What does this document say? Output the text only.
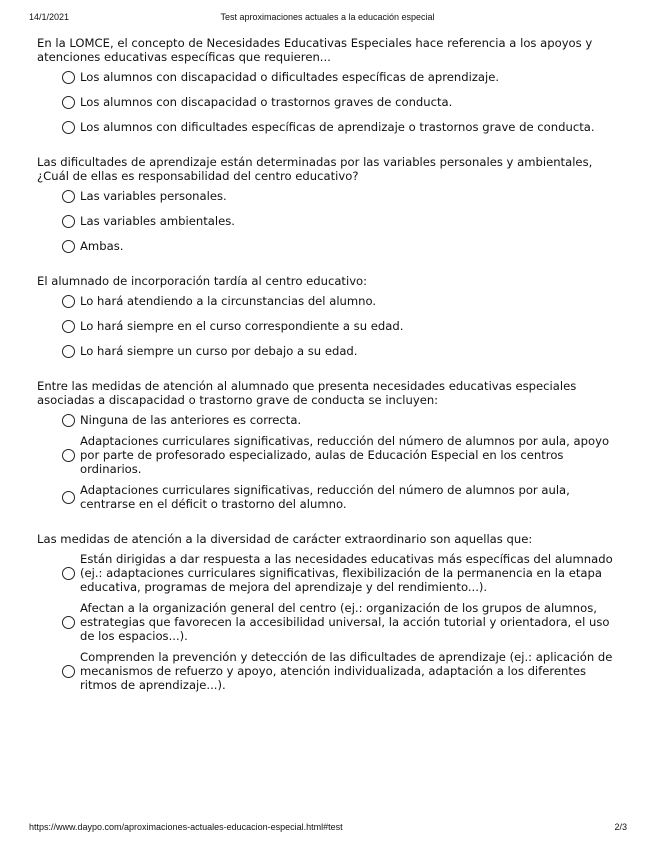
14/1/2021	Test aproximaciones actuales a la educación especial

En la LOMCE, el concepto de Necesidades Educativas Especiales hace referencia a los apoyos y atenciones educativas específicas que requieren...

Los alumnos con discapacidad o dificultades específicas de aprendizaje.
Los alumnos con discapacidad o trastornos graves de conducta.
Los alumnos con dificultades específicas de aprendizaje o trastornos grave de conducta.

Las dificultades de aprendizaje están determinadas por las variables personales y ambientales, ¿Cuál de ellas es responsabilidad del centro educativo?

Las variables personales.
Las variables ambientales.
Ambas.

El alumnado de incorporación tardía al centro educativo:

Lo hará atendiendo a la circunstancias del alumno.
Lo hará siempre en el curso correspondiente a su edad.
Lo hará siempre un curso por debajo a su edad.

Entre las medidas de atención al alumnado que presenta necesidades educativas especiales asociadas a discapacidad o trastorno grave de conducta se incluyen:

Ninguna de las anteriores es correcta.
Adaptaciones curriculares significativas, reducción del número de alumnos por aula, apoyo por parte de profesorado especializado, aulas de Educación Especial en los centros ordinarios.
Adaptaciones curriculares significativas, reducción del número de alumnos por aula, centrarse en el déficit o trastorno del alumno.

Las medidas de atención a la diversidad de carácter extraordinario son aquellas que:

Están dirigidas a dar respuesta a las necesidades educativas más específicas del alumnado (ej.: adaptaciones curriculares significativas, flexibilización de la permanencia en la etapa educativa, programas de mejora del aprendizaje y del rendimiento...).
Afectan a la organización general del centro (ej.: organización de los grupos de alumnos, estrategias que favorecen la accesibilidad universal, la acción tutorial y orientadora, el uso de los espacios...).
Comprenden la prevención y detección de las dificultades de aprendizaje (ej.: aplicación de mecanismos de refuerzo y apoyo, atención individualizada, adaptación a los diferentes ritmos de aprendizaje...).
https://www.daypo.com/aproximaciones-actuales-educacion-especial.html#test	2/3
